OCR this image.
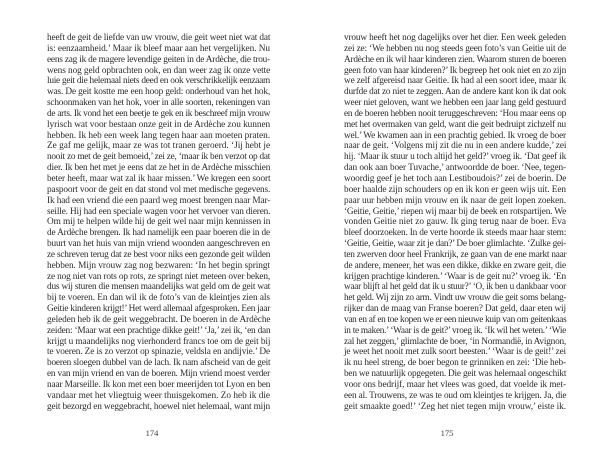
heeft de geit de liefde van uw vrouw, die geit weet niet wat dat
is: eenzaamheid.’ Maar ik bleef maar aan het vergelijken. Nu
eens zag ik de magere levendige geiten in de Ardèche, die trou-
wens nog geld opbrachten ook, en dan weer zag ik onze vette
luie geit die helemaal niets deed en ook verschrikkelijk eenzaam
was. De geit kostte me een hoop geld: onderhoud van het hok,
schoonmaken van het hok, voer in alle soorten, rekeningen van
de arts. Ik vond het een beetje te gek en ik beschreef mijn vrouw
lyrisch wat voor bestaan onze geit in de Ardèche zou kunnen
hebben. Ik heb een week lang tegen haar aan moeten praten.
Ze gaf me gelijk, maar ze was tot tranen geroerd. ‘Jij hebt je
nooit zo met de geit bemoeid,’ zei ze, ‘maar ik ben verzot op dat
dier. Ik ben het met je eens dat ze het in de Ardèche misschien
beter heeft, maar wat zal ik haar missen.’ We kregen een soort
paspoort voor de geit en dat stond vol met medische gegevens.
Ik had een vriend die een paard weg moest brengen naar Mar-
seille. Hij had een speciale wagen voor het vervoer van dieren.
Om mij te helpen wilde hij de geit wel naar mijn kennissen in
de Ardèche brengen. Ik had namelijk een paar boeren die in de
buurt van het huis van mijn vriend woonden aangeschreven en
ze schreven terug dat ze best voor niks een gezonde geit wilden
hebben. Mijn vrouw zag nog bezwaren: ‘In het begin springt
ze nog niet van rots op rots, ze springt niet meteen over beken,
dus wij sturen die mensen maandelijks wat geld om de geit wat
bij te voeren. En dan wil ik de foto’s van de kleintjes zien als
Geitie kinderen krijgt!’ Het werd allemaal afgesproken. Een jaar
geleden heb ik de geit weggebracht. De boeren in de Ardèche
zeiden: ‘Maar wat een prachtige dikke geit!’ ‘Ja,’ zei ik, ‘en dan
krijgt u maandelijks nog vierhonderd francs toe om de geit bij
te voeren. Ze is zo verzot op spinazie, veldsla en andijvie.’ De
boeren sloegen dubbel van de lach. Ik nam afscheid van de geit
en van mijn vriend en van de boeren. Mijn vriend moest verder
naar Marseille. Ik kon met een boer meerijden tot Lyon en ben
vandaar met het vliegtuig weer thuisgekomen. Zo heb ik die
geit bezorgd en weggebracht, hoewel niet helemaal, want mijn
174
vrouw heeft het nog dagelijks over het dier. Een week geleden
zei ze: ‘We hebben nu nog steeds geen foto’s van Geitie uit de
Ardèche en ik wil haar kinderen zien. Waarom sturen de boeren
geen foto van haar kinderen?’ Ik begreep het ook niet en zo zijn
we zelf afgereisd naar Geitie. Ik had al een soort idee, maar ik
durfde dat zo niet te zeggen. Aan de andere kant kon ik dat ook
weer niet geloven, want we hebben een jaar lang geld gestuurd
en de boeren hebben nooit teruggeschreven: ‘Hou maar eens op
met het overmaken van geld, want die geit bedruipt zichzelf nu
wel.’ We kwamen aan in een prachtig gebied. Ik vroeg de boer
naar de geit. ‘Volgens mij zit die nu in een andere kudde,’ zei
hij. ‘Maar ik stuur u toch altijd het geld?’ vroeg ik. ‘Dat geef ik
dan ook aan boer Tuvache,’ antwoordde de boer. ‘Nee, tegen-
woordig geef je het toch aan Lestiboudois?’ zei de boerin. De
boer haalde zijn schouders op en ik kon er geen wijs uit. Een
paar uur hebben mijn vrouw en ik naar de geit lopen zoeken.
‘Geitie, Geitie,’ riepen wij maar bij de beek en rotspartijen. We
vonden Geitie niet zo gauw. Ik ging terug naar de boer. Eva
bleef doorzoeken. In de verte hoorde ik steeds maar haar stem:
‘Geitie, Geitie, waar zit je dan?’ De boer glimlachte. ‘Zulke gei-
ten zwerven door heel Frankrijk, ze gaan van de ene markt naar
de andere, meneer, het was een dikke, dikke en zware geit, die
krijgen prachtige kinderen.’ ‘Waar is de geit nu?’ vroeg ik. ‘En
waar blijft al het geld dat ik u stuur?’ ‘O, ik ben u dankbaar voor
het geld. Wij zijn zo arm. Vindt uw vrouw die geit soms belang-
rijker dan de maag van Franse boeren? Dat geld, daar eten wij
van en af en toe kopen we er een nieuwe kuip van om geitenkaas
in te maken.’ ‘Waar is de geit?’ vroeg ik. ‘Ik wil het weten.’ ‘Wie
zal het zeggen,’ glimlachte de boer, ‘in Normandië, in Avignon,
je weet het nooit met zulk soort beesten.’ ‘Waar is de geit!’ zei
ik nu heel streng, de boer begon te grinniken en zei: ‘Die heb-
ben we natuurlijk opgegeten. Die geit was helemaal ongeschikt
voor ons bedrijf, maar het vlees was goed, dat voelde ik met-
een al. Trouwens, ze was te oud om kleintjes te krijgen. Ja, die
geit smaakte goed!’ ‘Zeg het niet tegen mijn vrouw,’ eiste ik.
175
